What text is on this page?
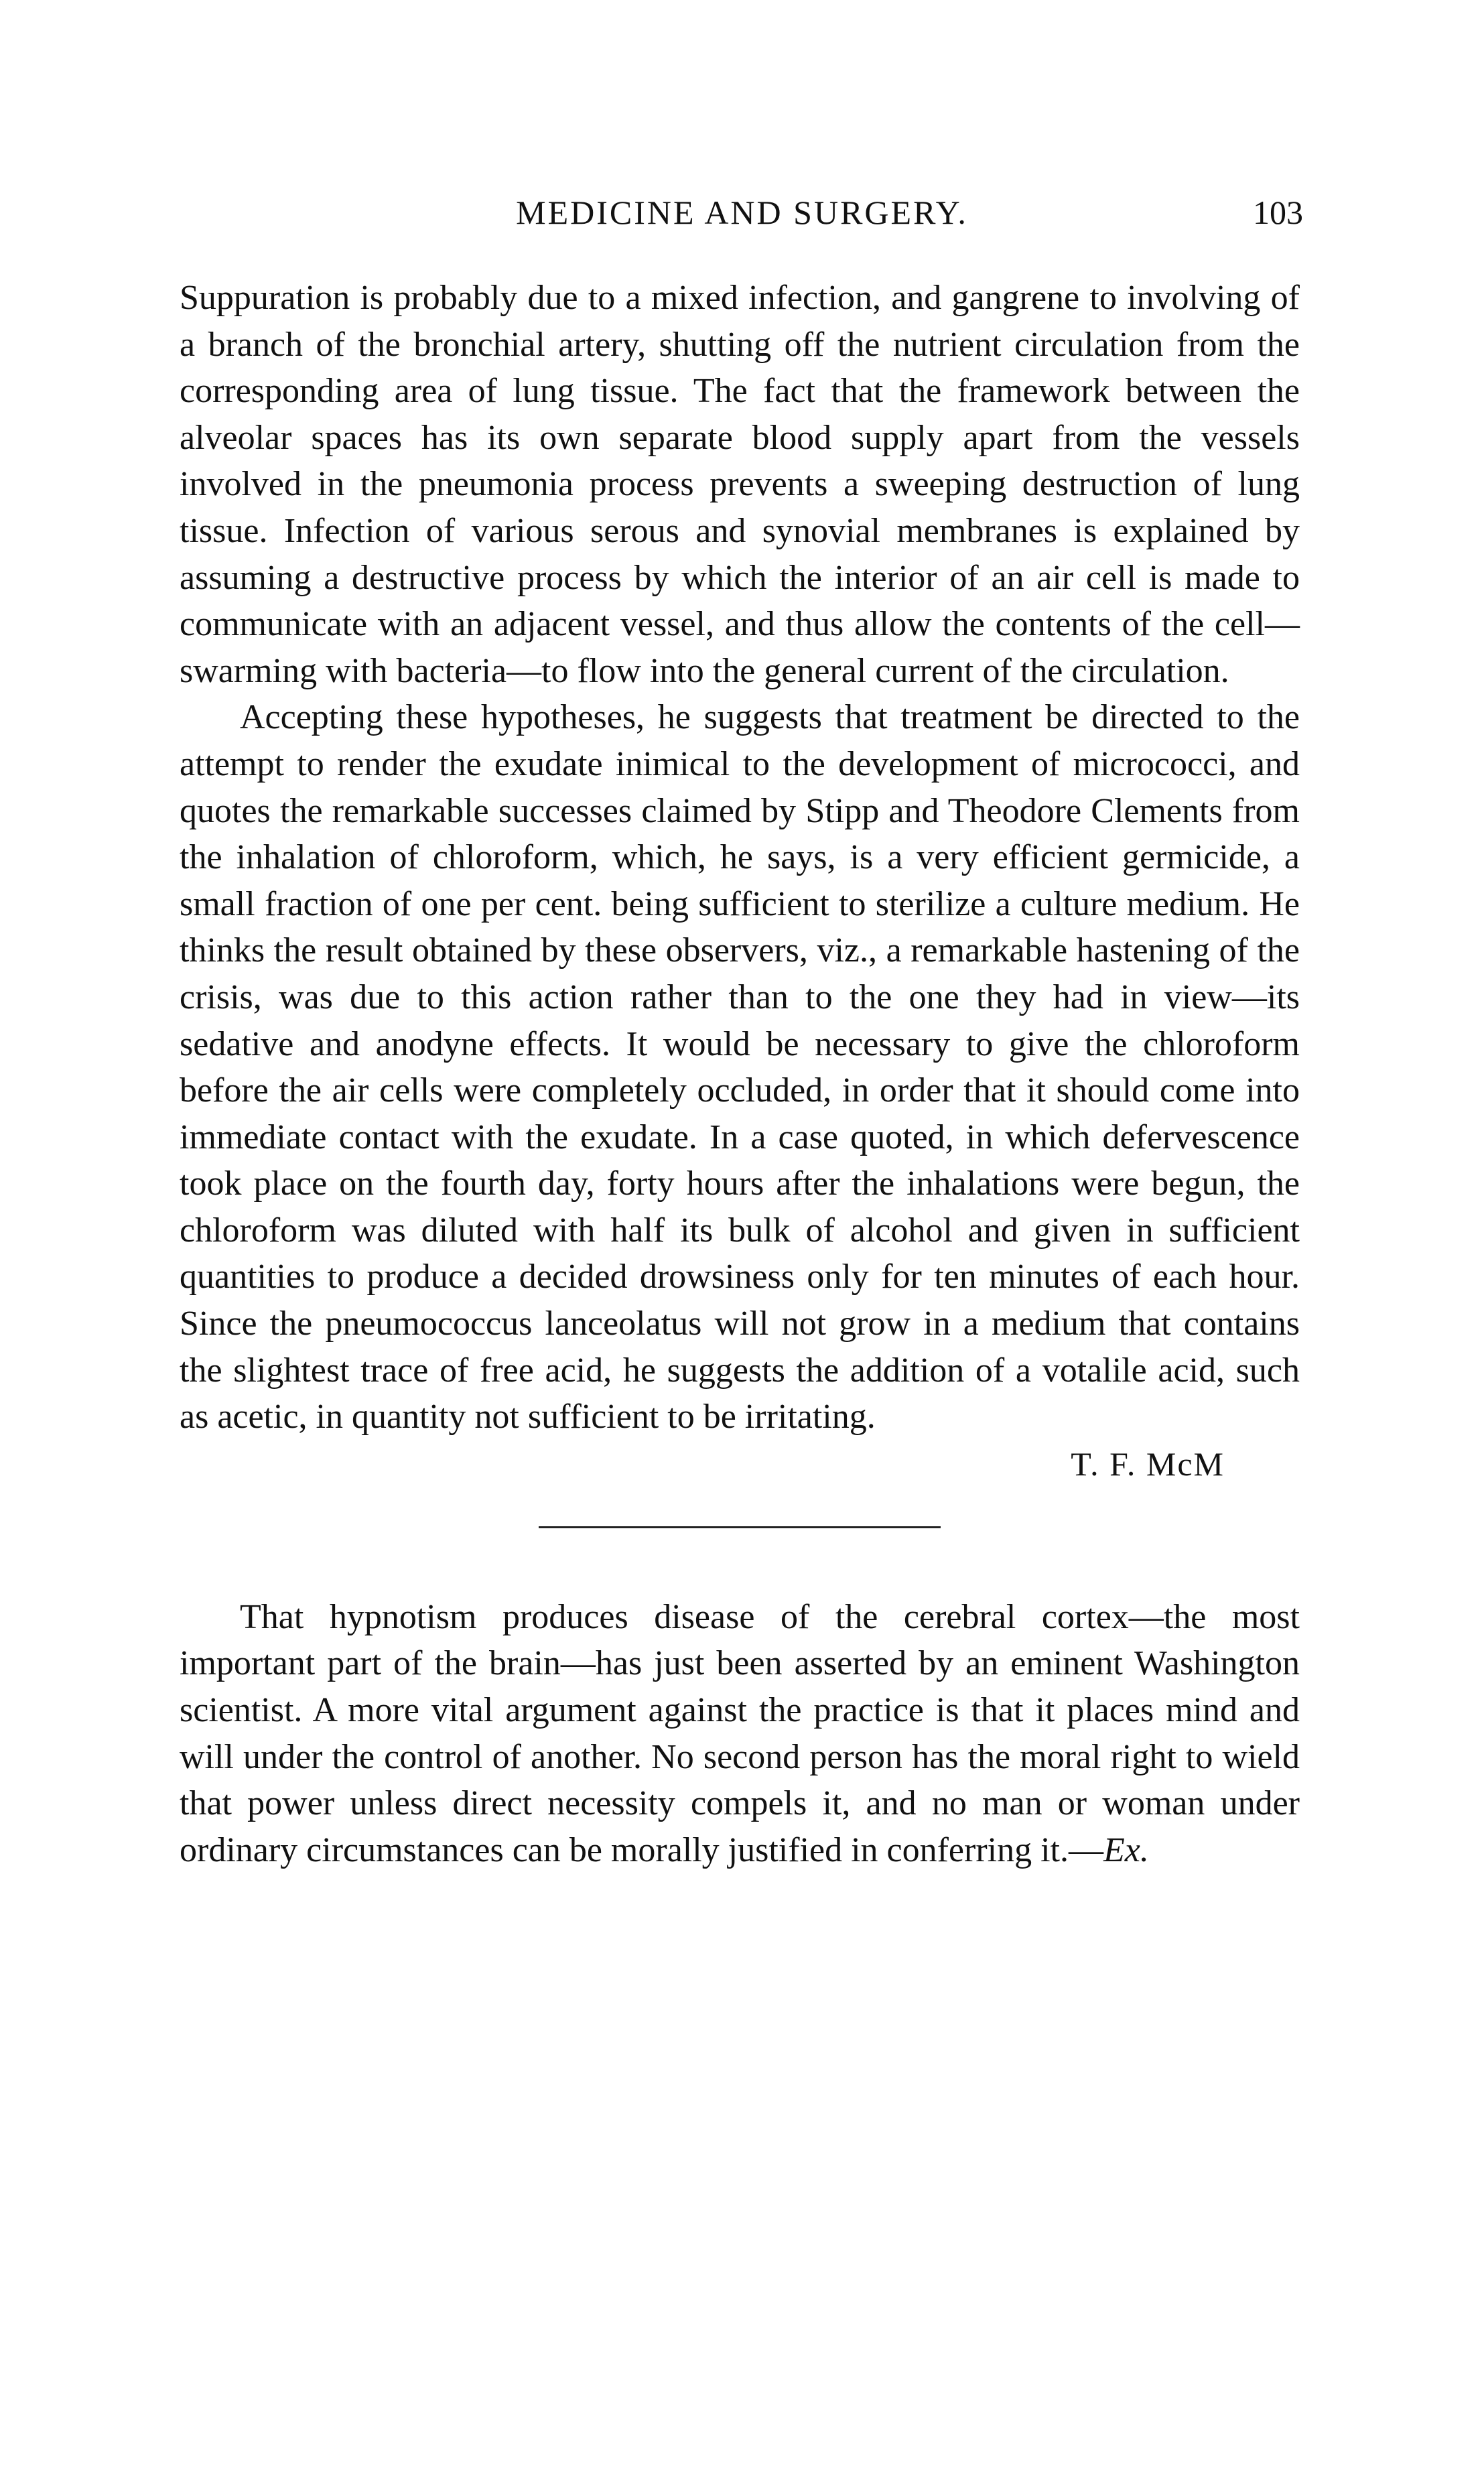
MEDICINE AND SURGERY.	103

Suppuration is probably due to a mixed infection, and gangrene to involving of a branch of the bronchial artery, shutting off the nutrient circulation from the corresponding area of lung tissue. The fact that the framework between the alveolar spaces has its own separate blood supply apart from the vessels involved in the pneumonia process prevents a sweeping destruction of lung tissue. Infection of various serous and synovial membranes is explained by assuming a destructive process by which the interior of an air cell is made to communicate with an adjacent vessel, and thus allow the contents of the cell—swarming with bacteria—to flow into the general current of the circulation.

Accepting these hypotheses, he suggests that treatment be directed to the attempt to render the exudate inimical to the development of micrococci, and quotes the remarkable successes claimed by Stipp and Theodore Clements from the inhalation of chloroform, which, he says, is a very efficient germicide, a small fraction of one per cent. being sufficient to sterilize a culture medium. He thinks the result obtained by these observers, viz., a remarkable hastening of the crisis, was due to this action rather than to the one they had in view—its sedative and anodyne effects. It would be necessary to give the chloroform before the air cells were completely occluded, in order that it should come into immediate contact with the exudate. In a case quoted, in which defervescence took place on the fourth day, forty hours after the inhalations were begun, the chloroform was diluted with half its bulk of alcohol and given in sufficient quantities to produce a decided drowsiness only for ten minutes of each hour. Since the pneumococcus lanceolatus will not grow in a medium that contains the slightest trace of free acid, he suggests the addition of a votalile acid, such as acetic, in quantity not sufficient to be irritating.

T. F. McM

That hypnotism produces disease of the cerebral cortex—the most important part of the brain—has just been asserted by an eminent Washington scientist. A more vital argument against the practice is that it places mind and will under the control of another. No second person has the moral right to wield that power unless direct necessity compels it, and no man or woman under ordinary circumstances can be morally justified in conferring it.—Ex.
